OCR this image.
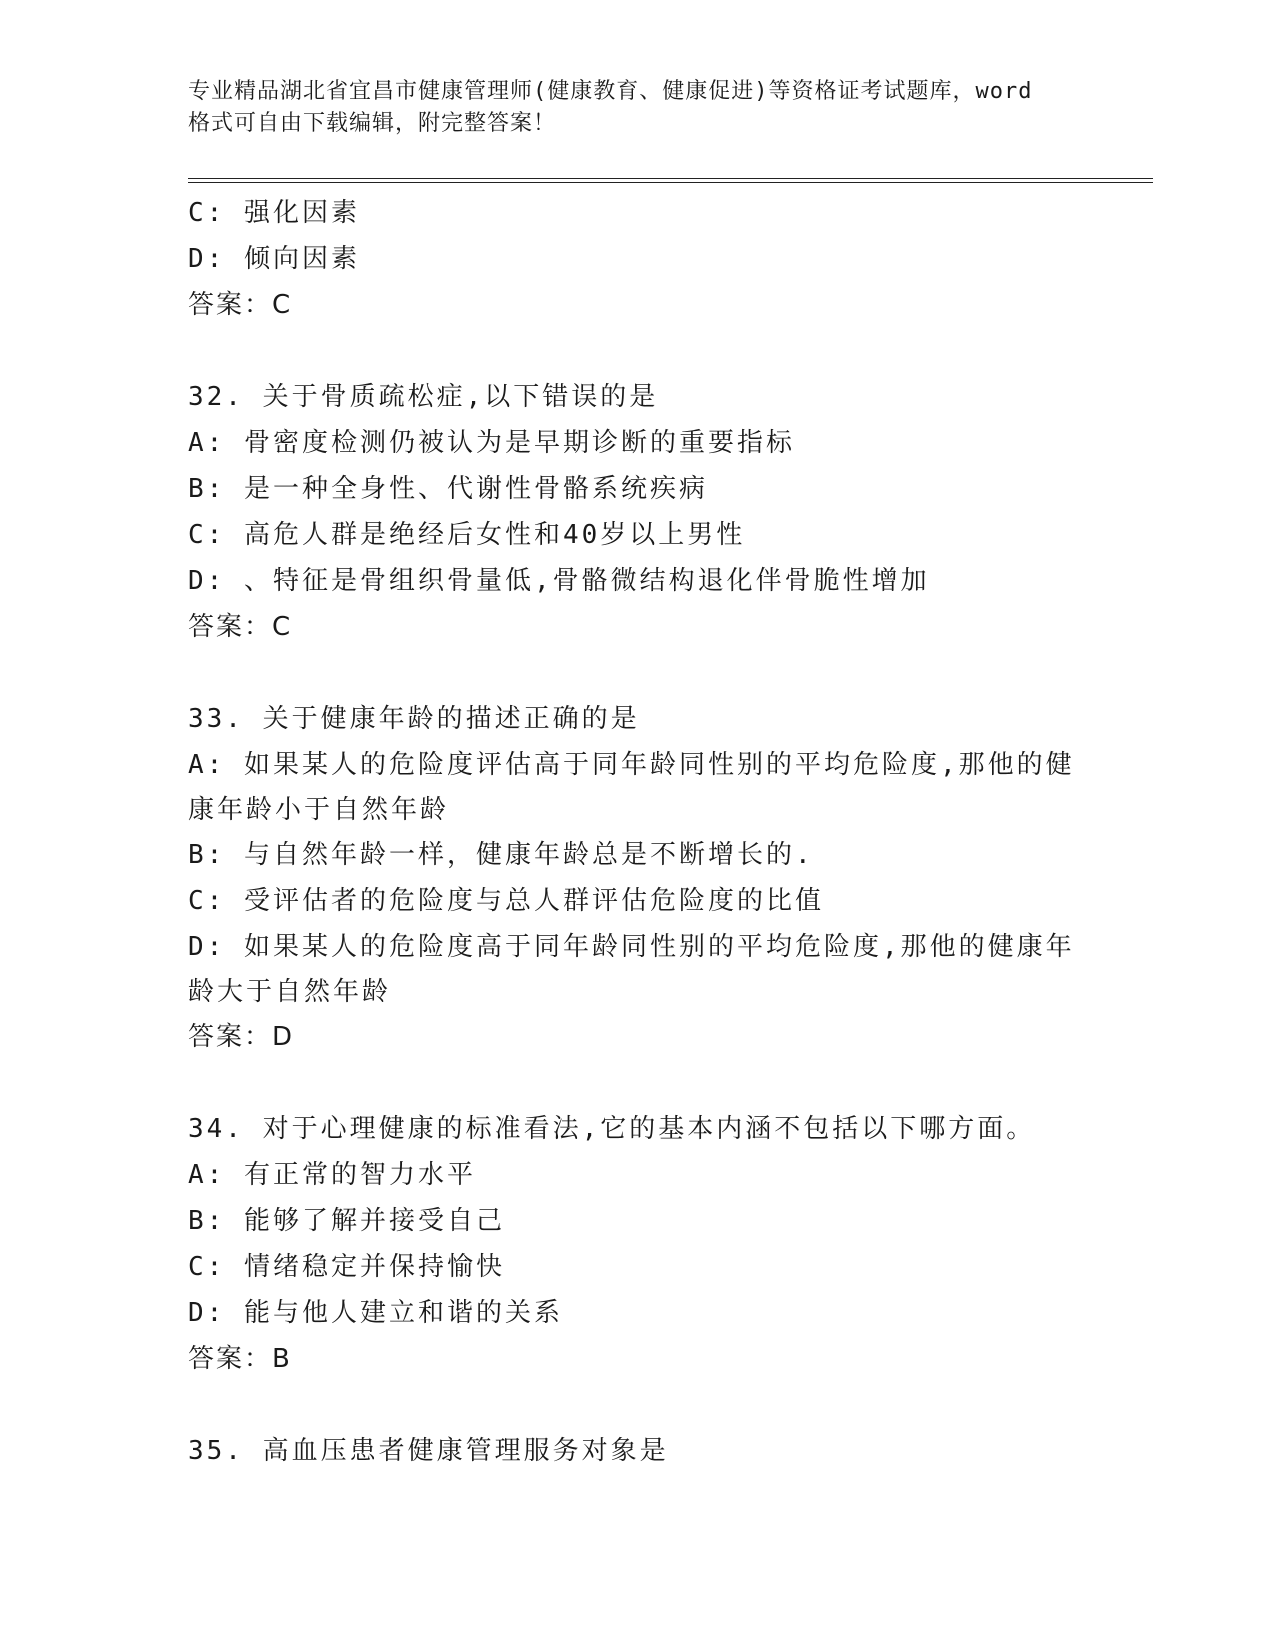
专业精品湖北省宜昌市健康管理师(健康教育、健康促进)等资格证考试题库，word
格式可自由下载编辑，附完整答案！
C: 强化因素
D: 倾向因素
答案：C
32. 关于骨质疏松症,以下错误的是
A: 骨密度检测仍被认为是早期诊断的重要指标
B: 是一种全身性、代谢性骨骼系统疾病
C: 高危人群是绝经后女性和40岁以上男性
D: 、特征是骨组织骨量低,骨骼微结构退化伴骨脆性增加
答案：C
33. 关于健康年龄的描述正确的是
A: 如果某人的危险度评估高于同年龄同性别的平均危险度,那他的健
康年龄小于自然年龄
B: 与自然年龄一样，健康年龄总是不断增长的.
C: 受评估者的危险度与总人群评估危险度的比值
D: 如果某人的危险度高于同年龄同性别的平均危险度,那他的健康年
龄大于自然年龄
答案：D
34. 对于心理健康的标准看法,它的基本内涵不包括以下哪方面。
A: 有正常的智力水平
B: 能够了解并接受自己
C: 情绪稳定并保持愉快
D: 能与他人建立和谐的关系
答案：B
35. 高血压患者健康管理服务对象是
